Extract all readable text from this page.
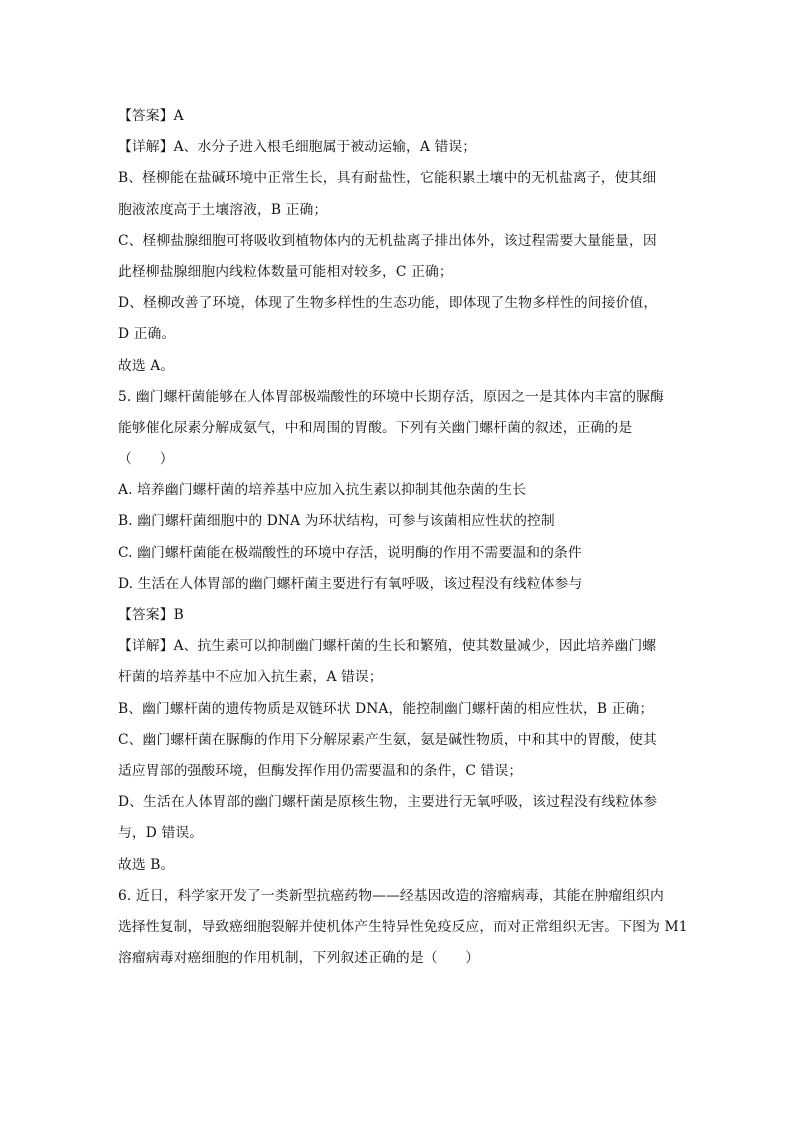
【答案】A
【详解】A、水分子进入根毛细胞属于被动运输，A 错误；
B、柽柳能在盐碱环境中正常生长，具有耐盐性，它能积累土壤中的无机盐离子，使其细
胞液浓度高于土壤溶液，B 正确；
C、柽柳盐腺细胞可将吸收到植物体内的无机盐离子排出体外，该过程需要大量能量，因
此柽柳盐腺细胞内线粒体数量可能相对较多，C 正确；
D、柽柳改善了环境，体现了生物多样性的生态功能，即体现了生物多样性的间接价值，
D 正确。
故选 A。
5. 幽门螺杆菌能够在人体胃部极端酸性的环境中长期存活，原因之一是其体内丰富的脲酶
能够催化尿素分解成氨气，中和周围的胃酸。下列有关幽门螺杆菌的叙述，正确的是
（　　）
A. 培养幽门螺杆菌的培养基中应加入抗生素以抑制其他杂菌的生长
B. 幽门螺杆菌细胞中的 DNA 为环状结构，可参与该菌相应性状的控制
C. 幽门螺杆菌能在极端酸性的环境中存活，说明酶的作用不需要温和的条件
D. 生活在人体胃部的幽门螺杆菌主要进行有氧呼吸，该过程没有线粒体参与
【答案】B
【详解】A、抗生素可以抑制幽门螺杆菌的生长和繁殖，使其数量减少，因此培养幽门螺
杆菌的培养基中不应加入抗生素，A 错误；
B、幽门螺杆菌的遗传物质是双链环状 DNA，能控制幽门螺杆菌的相应性状，B 正确；
C、幽门螺杆菌在脲酶的作用下分解尿素产生氨，氨是碱性物质，中和其中的胃酸，使其
适应胃部的强酸环境，但酶发挥作用仍需要温和的条件，C 错误；
D、生活在人体胃部的幽门螺杆菌是原核生物，主要进行无氧呼吸，该过程没有线粒体参
与，D 错误。
故选 B。
6. 近日，科学家开发了一类新型抗癌药物——经基因改造的溶瘤病毒，其能在肿瘤组织内
选择性复制，导致癌细胞裂解并使机体产生特异性免疫反应，而对正常组织无害。下图为 M1
溶瘤病毒对癌细胞的作用机制，下列叙述正确的是（　　）
